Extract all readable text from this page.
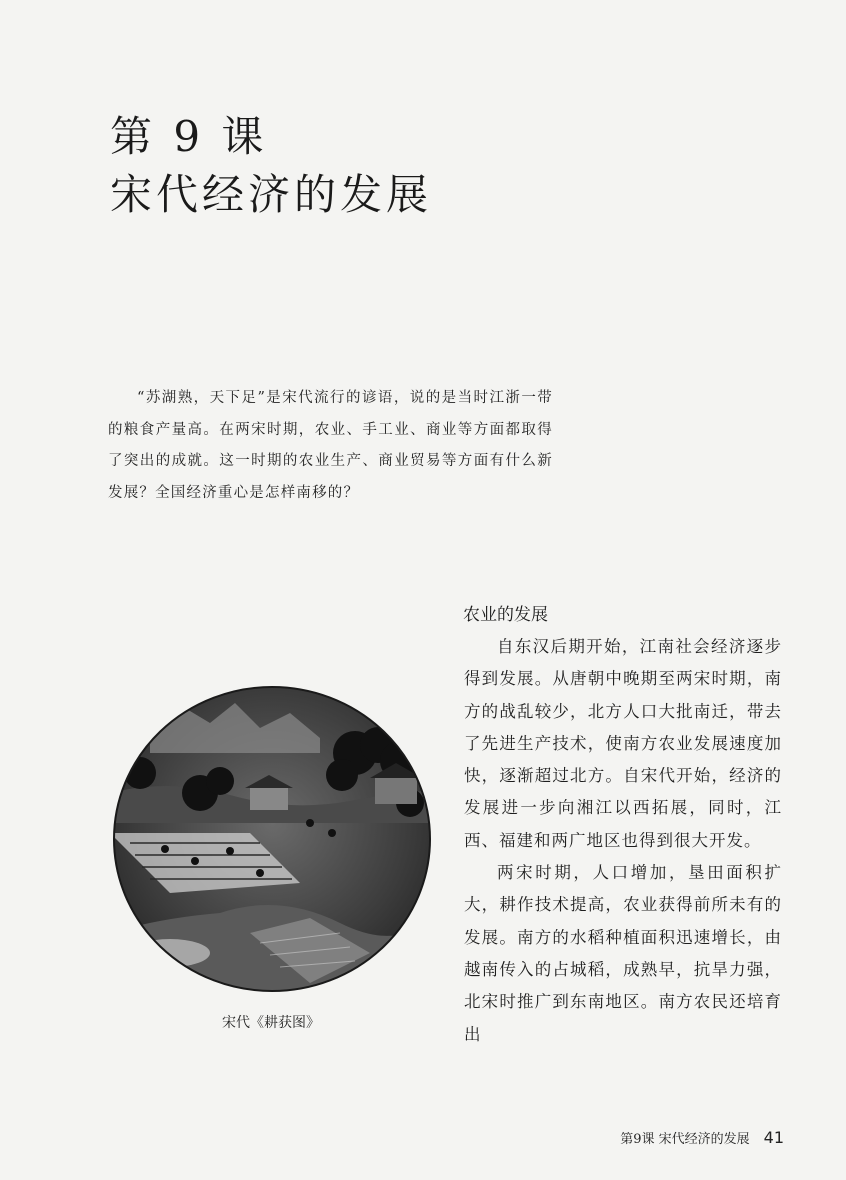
第 9 课
宋代经济的发展
“苏湖熟，天下足”是宋代流行的谚语，说的是当时江浙一带的粮食产量高。在两宋时期，农业、手工业、商业等方面都取得了突出的成就。这一时期的农业生产、商业贸易等方面有什么新发展？全国经济重心是怎样南移的？
宋代《耕获图》
农业的发展

自东汉后期开始，江南社会经济逐步得到发展。从唐朝中晚期至两宋时期，南方的战乱较少，北方人口大批南迁，带去了先进生产技术，使南方农业发展速度加快，逐渐超过北方。自宋代开始，经济的发展进一步向湘江以西拓展，同时，江西、福建和两广地区也得到很大开发。

两宋时期，人口增加，垦田面积扩大，耕作技术提高，农业获得前所未有的发展。南方的水稻种植面积迅速增长，由越南传入的占城稻，成熟早，抗旱力强，北宋时推广到东南地区。南方农民还培育出

第9课 宋代经济的发展 41
